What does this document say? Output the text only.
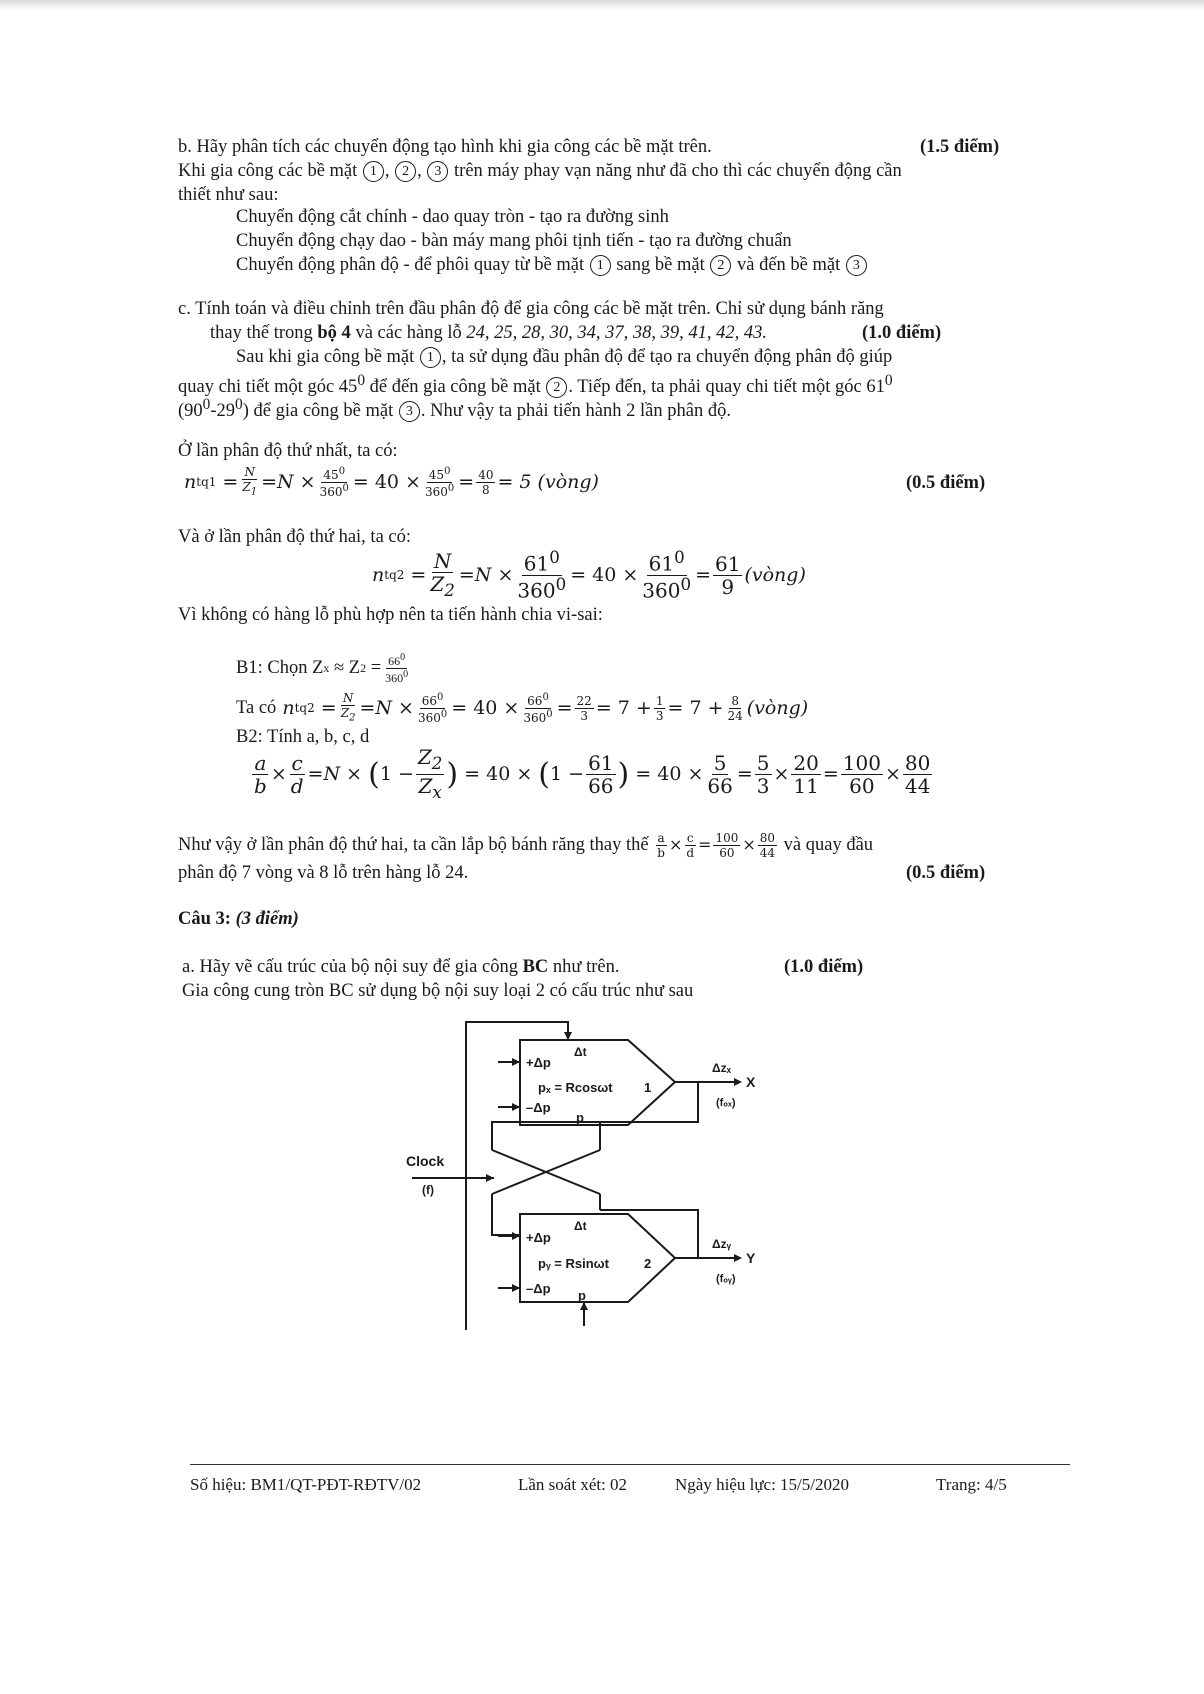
b. Hãy phân tích các chuyển động tạo hình khi gia công các bề mặt trên.	(1.5 điểm)
Khi gia công các bề mặt 1 , 2 , 3 trên máy phay vạn năng như đã cho thì các chuyển động cần
thiết như sau:
Chuyển động cắt chính - dao quay tròn - tạo ra đường sinh
Chuyển động chạy dao - bàn máy mang phôi tịnh tiến - tạo ra đường chuẩn
Chuyển động phân độ - để phôi quay từ bề mặt 1 sang bề mặt 2 và đến bề mặt 3
c. Tính toán và điều chỉnh trên đầu phân độ để gia công các bề mặt trên. Chỉ sử dụng bánh răng
thay thế trong bộ 4 và các hàng lỗ 24, 25, 28, 30, 34, 37, 38, 39, 41, 42, 43.	(1.0 điểm)
Sau khi gia công bề mặt 1 , ta sử dụng đầu phân độ để tạo ra chuyển động phân độ giúp
quay chi tiết một góc $45^0$ để đến gia công bề mặt 2 . Tiếp đến, ta phải quay chi tiết một góc $61^0$
$(90^0-29^0)$ để gia công bề mặt 3 . Như vậy ta phải tiến hành 2 lần phân độ.
Ở lần phân độ thứ nhất, ta có:
n $tq1 = \frac{N}{Z_1} = N \times \frac{45^0}{360^0} = 40 \times \frac{45^0}{360^0} = \frac{40}{8} = 5$ (vòng)	(0.5 điểm)
Và ở lần phân độ thứ hai, ta có:
n $tq2 = \frac{N}{Z_2} = N \times \frac{61^0}{360^0} = 40 \times \frac{61^0}{360^0} = \frac{61}{9}$ (vòng)
Vì không có hàng lỗ phù hợp nên ta tiến hành chia vi-sai:
B1: Chọn Z x ≈ Z $2 = \frac{66^0}{360^0}$
Ta có
n $tq2 = \frac{N}{Z_2} = N \times \frac{66^0}{360^0} = 40 \times \frac{66^0}{360^0} = \frac{22}{3} = 7 + \frac{1}{3} = 7 + \frac{8}{24}$ (vòng)
B2: Tính a, b, c, d
$\frac{a}{b} \times \frac{c}{d} = N$ × ( $1 - \frac{Z_2}{Z_x}$ ) = 40 × ( $1 - \frac{61}{66}$ ) = $40 \times \frac{5}{66} = \frac{5}{3} \times \frac{20}{11} = \frac{100}{60} \times \frac{80}{44}$
Như vậy ở lần phân độ thứ hai, ta cần lắp bộ bánh răng thay thế
$\frac{a}{b} \times \frac{c}{d} = \frac{100}{60} \times \frac{80}{44}$
và quay đầu
phân độ 7 vòng và 8 lỗ trên hàng lỗ 24.	(0.5 điểm)
Câu 3: (3 điểm)
a. Hãy vẽ cấu trúc của bộ nội suy để gia công BC như trên.	(1.0 điểm)
Gia công cung tròn BC sử dụng bộ nội suy loại 2 có cấu trúc như sau
Clock
(f)
+Δp
Δt
pₓ = Rcosωt 1
–Δp
p
Δzₓ
(fₒₓ)
X
+Δp
Δt
pᵧ = Rsinωt	2
–Δp p
Δzᵧ
(fₒᵧ)
Y
Số hiệu: BM1/QT-PĐT-RĐTV/02	Lần soát xét: 02	Ngày hiệu lực: 15/5/2020	Trang: 4/5
